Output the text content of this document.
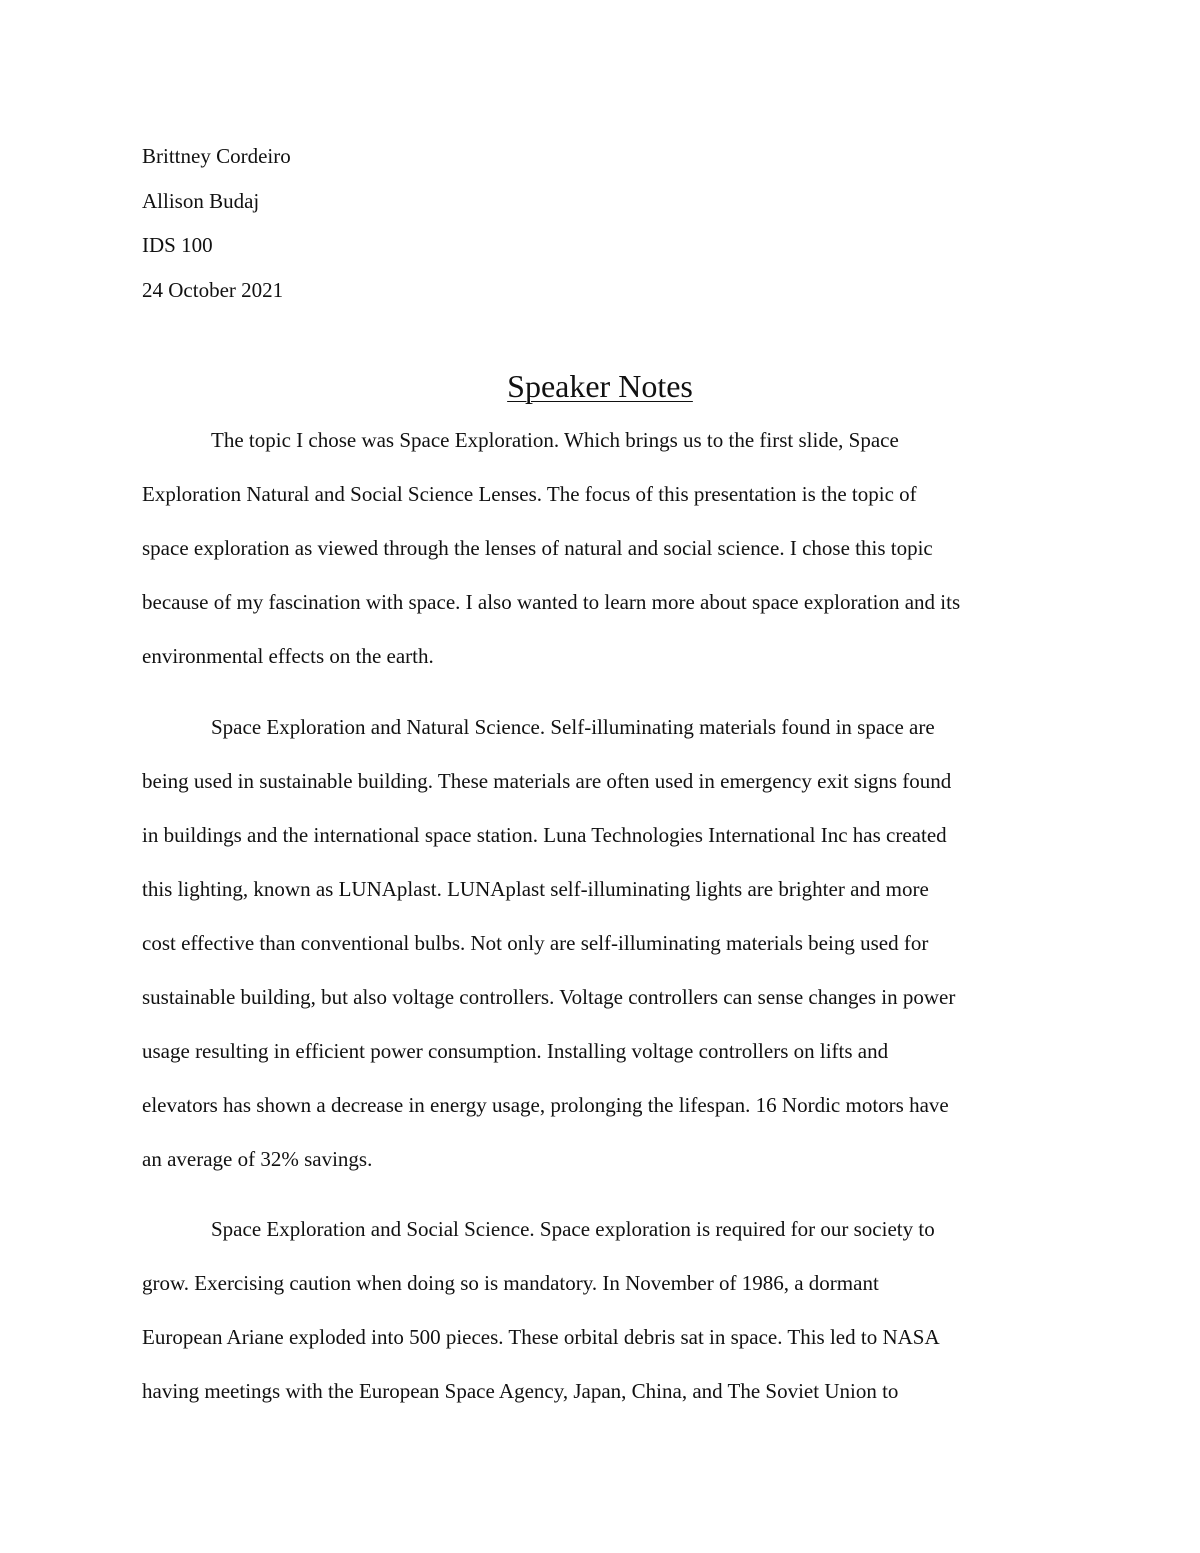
Brittney Cordeiro
Allison Budaj
IDS 100
24 October 2021
Speaker Notes
The topic I chose was Space Exploration. Which brings us to the first slide, Space
Exploration Natural and Social Science Lenses. The focus of this presentation is the topic of
space exploration as viewed through the lenses of natural and social science. I chose this topic
because of my fascination with space. I also wanted to learn more about space exploration and its
environmental effects on the earth.
Space Exploration and Natural Science. Self-illuminating materials found in space are
being used in sustainable building. These materials are often used in emergency exit signs found
in buildings and the international space station. Luna Technologies International Inc has created
this lighting, known as LUNAplast. LUNAplast self-illuminating lights are brighter and more
cost effective than conventional bulbs. Not only are self-illuminating materials being used for
sustainable building, but also voltage controllers. Voltage controllers can sense changes in power
usage resulting in efficient power consumption. Installing voltage controllers on lifts and
elevators has shown a decrease in energy usage, prolonging the lifespan. 16 Nordic motors have
an average of 32% savings.
Space Exploration and Social Science. Space exploration is required for our society to
grow. Exercising caution when doing so is mandatory. In November of 1986, a dormant
European Ariane exploded into 500 pieces. These orbital debris sat in space. This led to NASA
having meetings with the European Space Agency, Japan, China, and The Soviet Union to
